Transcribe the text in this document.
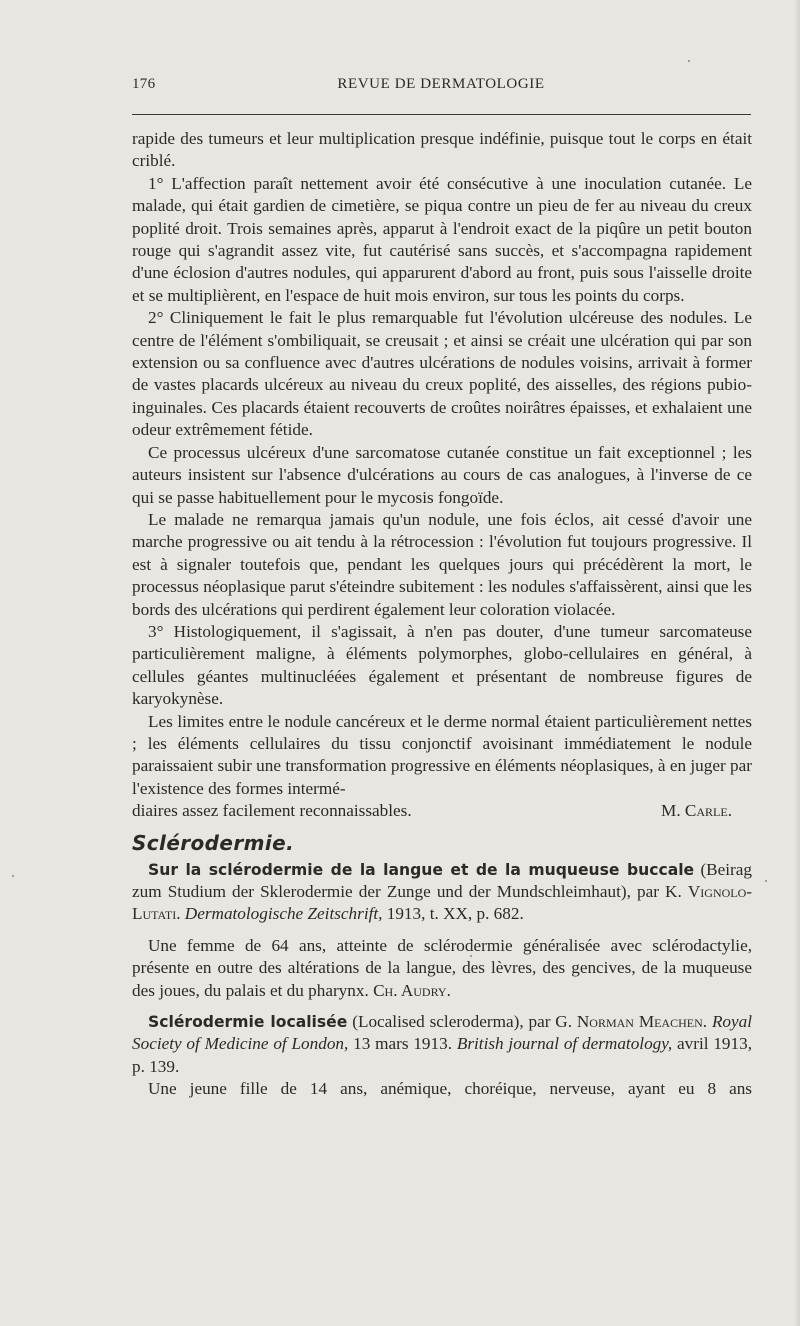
176	REVUE DE DERMATOLOGIE

rapide des tumeurs et leur multiplication presque indéfinie, puisque tout le corps en était criblé.

1° L'affection paraît nettement avoir été consécutive à une inoculation cutanée. Le malade, qui était gardien de cimetière, se piqua contre un pieu de fer au niveau du creux poplité droit. Trois semaines après, apparut à l'endroit exact de la piqûre un petit bouton rouge qui s'agrandit assez vite, fut cautérisé sans succès, et s'accompagna rapidement d'une éclosion d'autres nodules, qui apparurent d'abord au front, puis sous l'aisselle droite et se multiplièrent, en l'espace de huit mois environ, sur tous les points du corps.

2° Cliniquement le fait le plus remarquable fut l'évolution ulcéreuse des nodules. Le centre de l'élément s'ombiliquait, se creusait ; et ainsi se créait une ulcération qui par son extension ou sa confluence avec d'autres ulcérations de nodules voisins, arrivait à former de vastes placards ulcéreux au niveau du creux poplité, des aisselles, des régions pubio-inguinales. Ces placards étaient recouverts de croûtes noirâtres épaisses, et exhalaient une odeur extrêmement fétide.

Ce processus ulcéreux d'une sarcomatose cutanée constitue un fait exceptionnel ; les auteurs insistent sur l'absence d'ulcérations au cours de cas analogues, à l'inverse de ce qui se passe habituellement pour le mycosis fongoïde.

Le malade ne remarqua jamais qu'un nodule, une fois éclos, ait cessé d'avoir une marche progressive ou ait tendu à la rétrocession : l'évolution fut toujours progressive. Il est à signaler toutefois que, pendant les quelques jours qui précédèrent la mort, le processus néoplasique parut s'éteindre subitement : les nodules s'affaissèrent, ainsi que les bords des ulcérations qui perdirent également leur coloration violacée.

3° Histologiquement, il s'agissait, à n'en pas douter, d'une tumeur sarcomateuse particulièrement maligne, à éléments polymorphes, globo-cellulaires en général, à cellules géantes multinucléées également et présentant de nombreuse figures de karyokynèse.

Les limites entre le nodule cancéreux et le derme normal étaient particulièrement nettes ; les éléments cellulaires du tissu conjonctif avoisinant immédiatement le nodule paraissaient subir une transformation progressive en éléments néoplasiques, à en juger par l'existence des formes intermé-

diaires assez facilement reconnaissables.	M. Carle.

Sclérodermie.

Sur la sclérodermie de la langue et de la muqueuse buccale (Beirag zum Studium der Sklerodermie der Zunge und der Mundschleimhaut), par K. Vignolo-Lutati. Dermatologische Zeitschrift, 1913, t. XX, p. 682.

Une femme de 64 ans, atteinte de sclérodermie généralisée avec sclérodactylie, présente en outre des altérations de la langue, des lèvres, des gencives, de la muqueuse des joues, du palais et du pharynx. Ch. Audry.

Sclérodermie localisée (Localised scleroderma), par G. Norman Meachen. Royal Society of Medicine of London, 13 mars 1913. British journal of dermatology, avril 1913, p. 139.

Une jeune fille de 14 ans, anémique, choréique, nerveuse, ayant eu 8 ans
